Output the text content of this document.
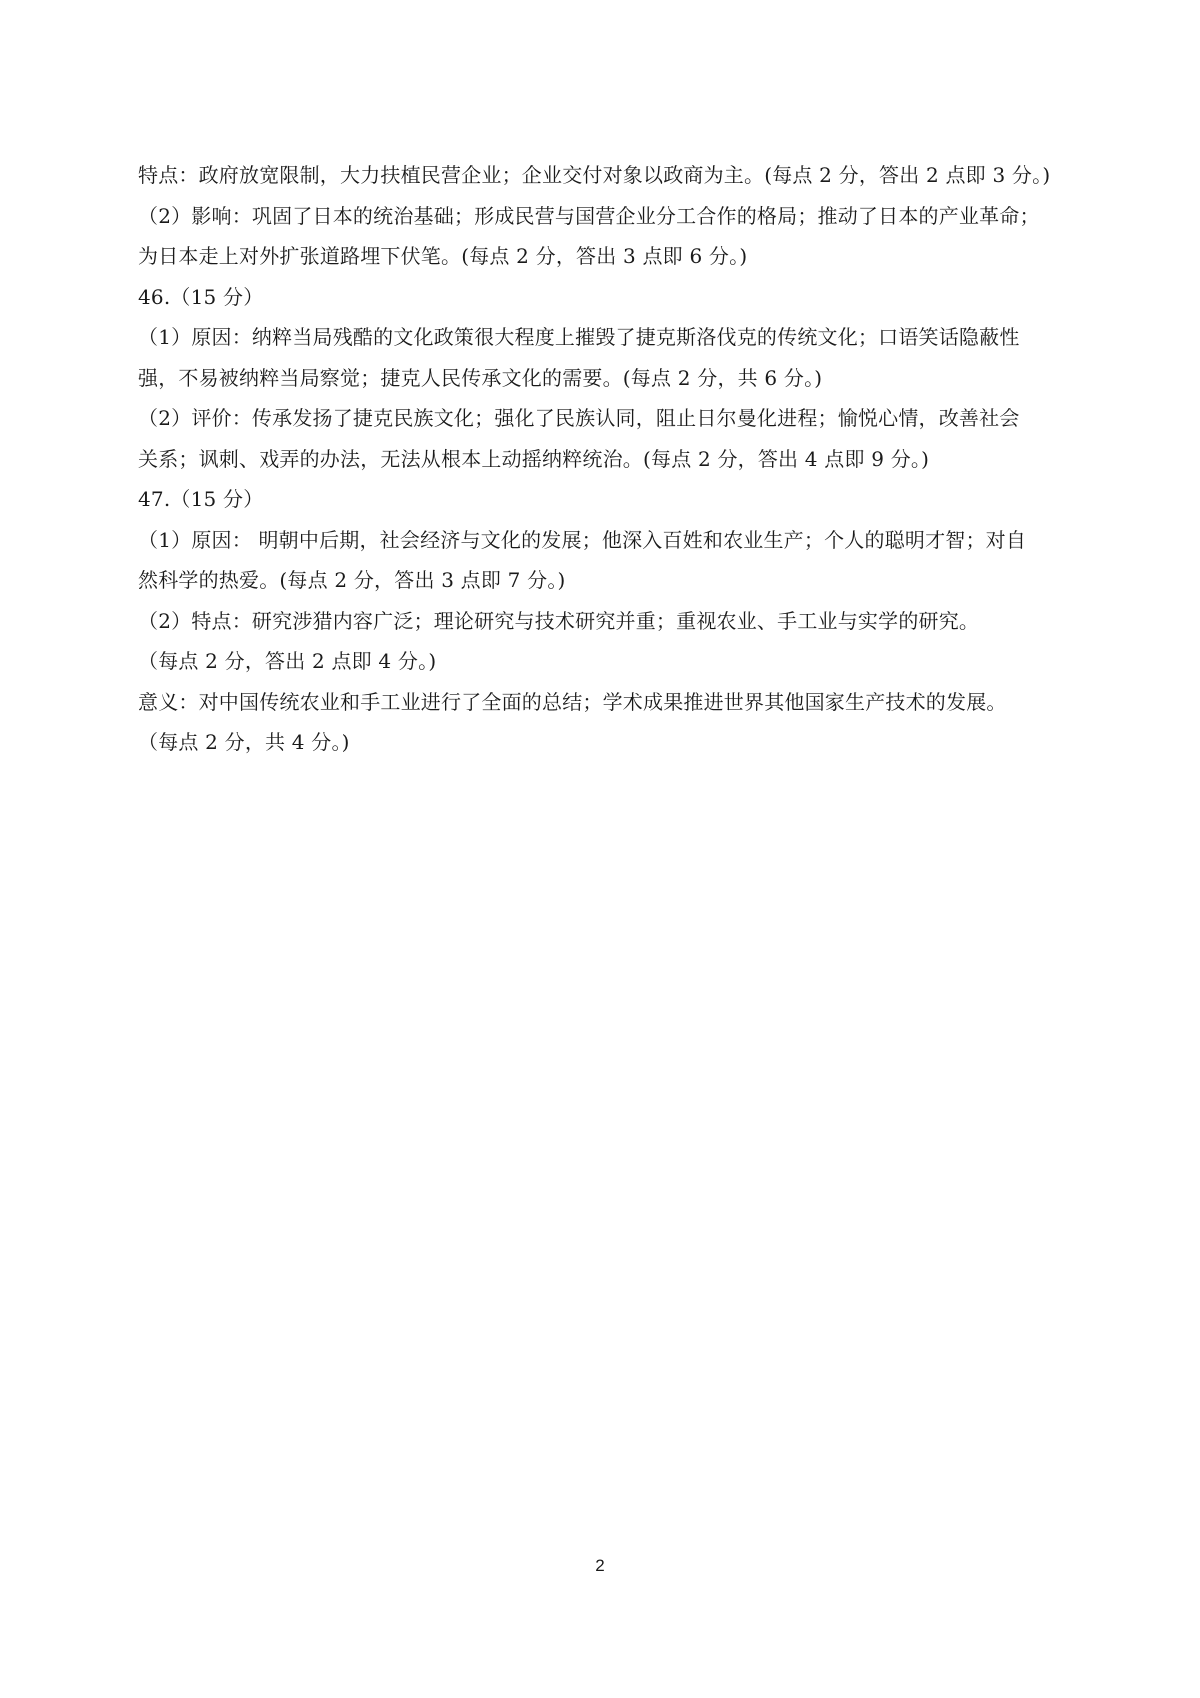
特点：政府放宽限制，大力扶植民营企业；企业交付对象以政商为主。(每点 2 分，答出 2 点即 3 分。)
（2）影响：巩固了日本的统治基础；形成民营与国营企业分工合作的格局；推动了日本的产业革命；
为日本走上对外扩张道路埋下伏笔。(每点 2 分，答出 3 点即 6 分。)
46.（15 分）
（1）原因：纳粹当局残酷的文化政策很大程度上摧毁了捷克斯洛伐克的传统文化；口语笑话隐蔽性
强，不易被纳粹当局察觉；捷克人民传承文化的需要。(每点 2 分，共 6 分。)
（2）评价：传承发扬了捷克民族文化；强化了民族认同，阻止日尔曼化进程；愉悦心情，改善社会
关系；讽刺、戏弄的办法，无法从根本上动摇纳粹统治。(每点 2 分，答出 4 点即 9 分。)
47.（15 分）
（1）原因： 明朝中后期，社会经济与文化的发展；他深入百姓和农业生产；个人的聪明才智；对自
然科学的热爱。(每点 2 分，答出 3 点即 7 分。)
（2）特点：研究涉猎内容广泛；理论研究与技术研究并重；重视农业、手工业与实学的研究。
（每点 2 分，答出 2 点即 4 分。)
意义：对中国传统农业和手工业进行了全面的总结；学术成果推进世界其他国家生产技术的发展。
（每点 2 分，共 4 分。)
2
